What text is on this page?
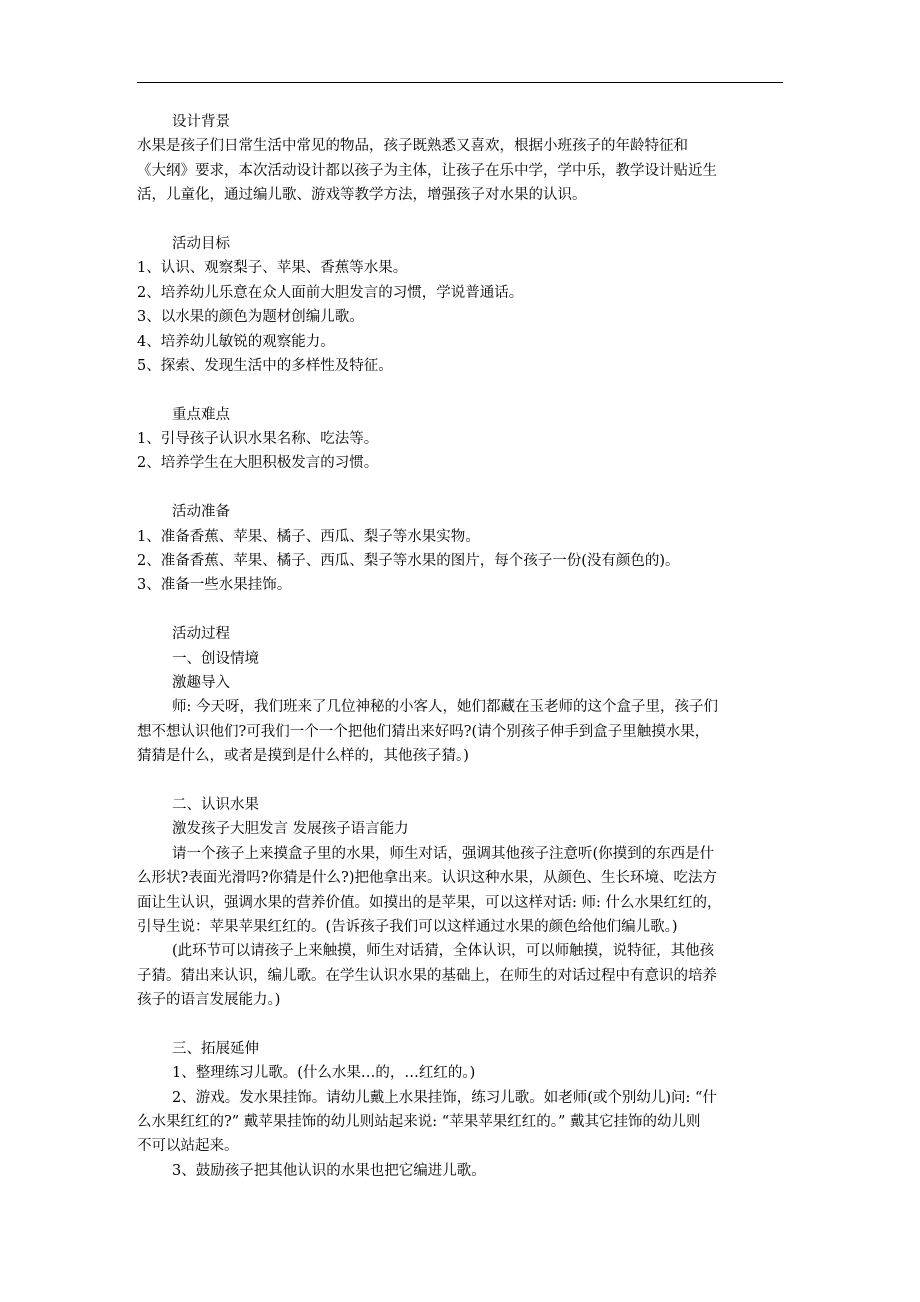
设计背景
水果是孩子们日常生活中常见的物品，孩子既熟悉又喜欢，根据小班孩子的年龄特征和
《大纲》要求，本次活动设计都以孩子为主体，让孩子在乐中学，学中乐，教学设计贴近生
活，儿童化，通过编儿歌、游戏等教学方法，增强孩子对水果的认识。
活动目标
1、认识、观察梨子、苹果、香蕉等水果。
2、培养幼儿乐意在众人面前大胆发言的习惯，学说普通话。
3、以水果的颜色为题材创编儿歌。
4、培养幼儿敏锐的观察能力。
5、探索、发现生活中的多样性及特征。
重点难点
1、引导孩子认识水果名称、吃法等。
2、培养学生在大胆积极发言的习惯。
活动准备
1、准备香蕉、苹果、橘子、西瓜、梨子等水果实物。
2、准备香蕉、苹果、橘子、西瓜、梨子等水果的图片，每个孩子一份(没有颜色的)。
3、准备一些水果挂饰。
活动过程
一、创设情境
激趣导入
师: 今天呀，我们班来了几位神秘的小客人，她们都藏在玉老师的这个盒子里，孩子们
想不想认识他们?可我们一个一个把他们猜出来好吗?(请个别孩子伸手到盒子里触摸水果，
猜猜是什么，或者是摸到是什么样的，其他孩子猜。)
二、认识水果
激发孩子大胆发言 发展孩子语言能力
请一个孩子上来摸盒子里的水果，师生对话，强调其他孩子注意听(你摸到的东西是什
么形状?表面光滑吗?你猜是什么?)把他拿出来。认识这种水果，从颜色、生长环境、吃法方
面让生认识，强调水果的营养价值。如摸出的是苹果，可以这样对话: 师: 什么水果红红的，
引导生说：苹果苹果红红的。(告诉孩子我们可以这样通过水果的颜色给他们编儿歌。)
(此环节可以请孩子上来触摸，师生对话猜，全体认识，可以师触摸，说特征，其他孩
子猜。猜出来认识，编儿歌。在学生认识水果的基础上，在师生的对话过程中有意识的培养
孩子的语言发展能力。)
三、拓展延伸
1、整理练习儿歌。(什么水果…的，…红红的。)
2、游戏。发水果挂饰。请幼儿戴上水果挂饰，练习儿歌。如老师(或个别幼儿)问: “什
么水果红红的?” 戴苹果挂饰的幼儿则站起来说: “苹果苹果红红的。” 戴其它挂饰的幼儿则
不可以站起来。
3、鼓励孩子把其他认识的水果也把它编进儿歌。
